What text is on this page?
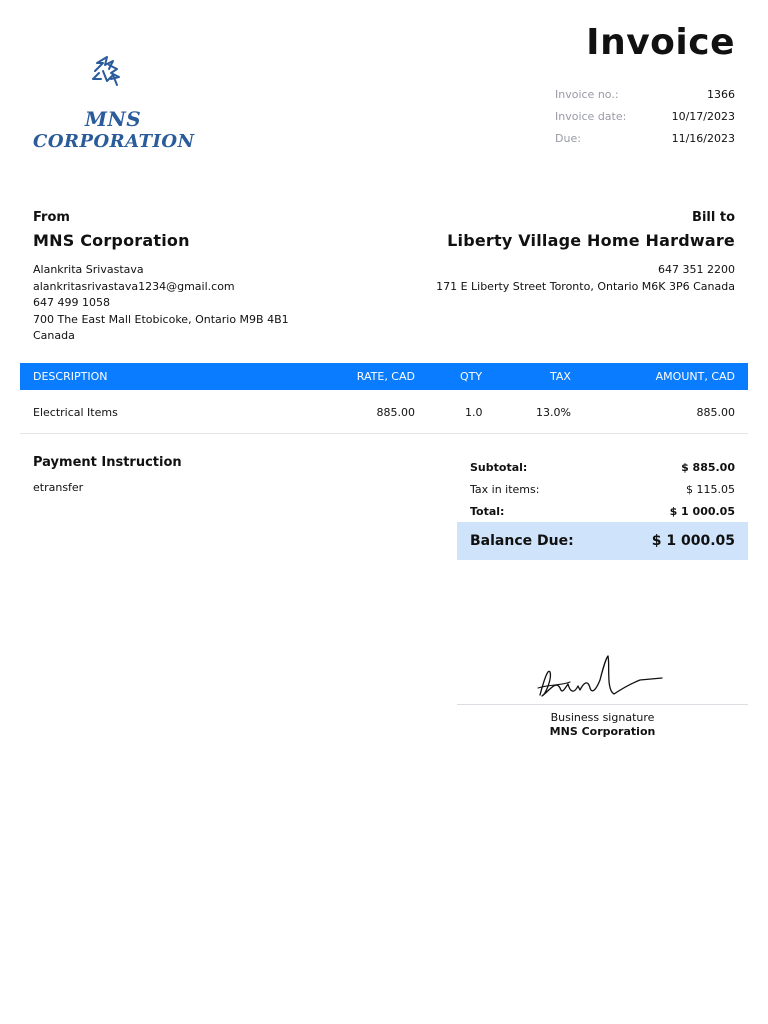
MNS
CORPORATION
Invoice
Invoice no.:	1366
Invoice date:	10/17/2023
Due:	11/16/2023
From
MNS Corporation
Alankrita Srivastava
alankritasrivastava1234@gmail.com
647 499 1058
700 The East Mall Etobicoke, Ontario M9B 4B1
Canada
Bill to
Liberty Village Home Hardware
647 351 2200
171 E Liberty Street Toronto, Ontario M6K 3P6 Canada
DESCRIPTION	RATE, CAD	QTY	TAX	AMOUNT, CAD
Electrical Items	885.00	1.0	13.0%	885.00
Payment Instruction
etransfer
Subtotal:	$ 885.00
Tax in items:	$ 115.05
Total:	$ 1 000.05
Balance Due:	$ 1 000.05
Business signature
MNS Corporation
